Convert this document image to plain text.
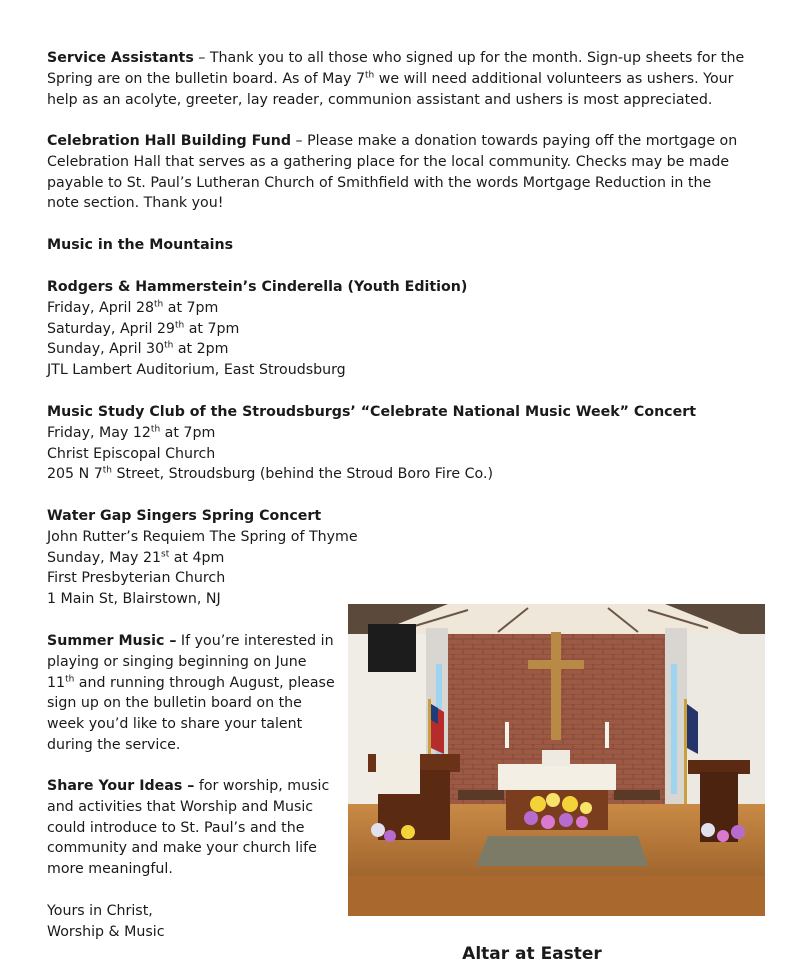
Service Assistants – Thank you to all those who signed up for the month. Sign-up sheets for the Spring are on the bulletin board. As of May 7th we will need additional volunteers as ushers. Your help as an acolyte, greeter, lay reader, communion assistant and ushers is most appreciated.

Celebration Hall Building Fund – Please make a donation towards paying off the mortgage on Celebration Hall that serves as a gathering place for the local community. Checks may be made payable to St. Paul’s Lutheran Church of Smithfield with the words Mortgage Reduction in the note section. Thank you!

Music in the Mountains

Rodgers & Hammerstein’s Cinderella (Youth Edition)

Friday, April 28th at 7pm

Saturday, April 29th at 7pm

Sunday, April 30th at 2pm

JTL Lambert Auditorium, East Stroudsburg

Music Study Club of the Stroudsburgs’ “Celebrate National Music Week” Concert

Friday, May 12th at 7pm

Christ Episcopal Church

205 N 7th Street, Stroudsburg (behind the Stroud Boro Fire Co.)

Water Gap Singers Spring Concert

John Rutter’s Requiem The Spring of Thyme

Sunday, May 21st at 4pm

First Presbyterian Church

1 Main St, Blairstown, NJ

Summer Music – If you’re interested in playing or singing beginning on June 11th and running through August, please sign up on the bulletin board on the week you’d like to share your talent during the service.

Share Your Ideas – for worship, music and activities that Worship and Music could introduce to St. Paul’s and the community and make your church life more meaningful.

Yours in Christ,

Worship & Music

Altar at Easter
